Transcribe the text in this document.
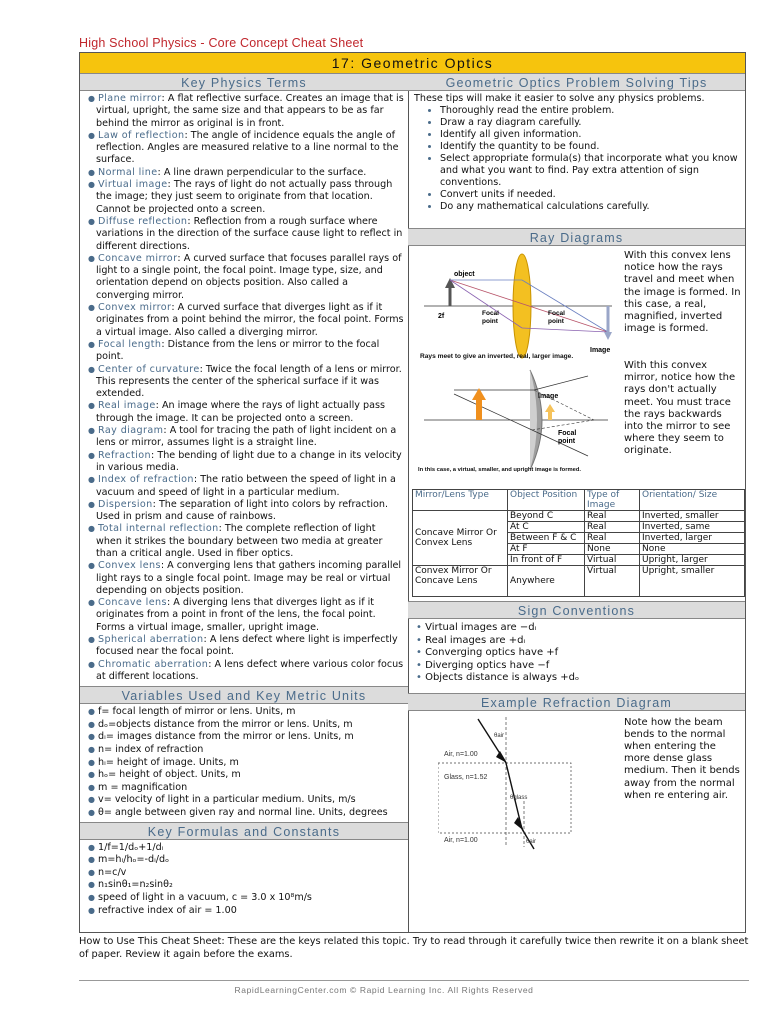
High School Physics - Core Concept Cheat Sheet
17: Geometric Optics
Key Physics Terms
● Plane mirror: A flat reflective surface. Creates an image that is virtual, upright, the same size and that appears to be as far behind the mirror as original is in front.
● Law of reflection: The angle of incidence equals the angle of reflection. Angles are measured relative to a line normal to the surface.
● Normal line: A line drawn perpendicular to the surface.
● Virtual image: The rays of light do not actually pass through the image; they just seem to originate from that location. Cannot be projected onto a screen.
● Diffuse reflection: Reflection from a rough surface where variations in the direction of the surface cause light to reflect in different directions.
● Concave mirror: A curved surface that focuses parallel rays of light to a single point, the focal point. Image type, size, and orientation depend on objects position. Also called a converging mirror.
● Convex mirror: A curved surface that diverges light as if it originates from a point behind the mirror, the focal point. Forms a virtual image. Also called a diverging mirror.
● Focal length: Distance from the lens or mirror to the focal point.
● Center of curvature: Twice the focal length of a lens or mirror. This represents the center of the spherical surface if it was extended.
● Real image: An image where the rays of light actually pass through the image. It can be projected onto a screen.
● Ray diagram: A tool for tracing the path of light incident on a lens or mirror, assumes light is a straight line.
● Refraction: The bending of light due to a change in its velocity in various media.
● Index of refraction: The ratio between the speed of light in a vacuum and speed of light in a particular medium.
● Dispersion: The separation of light into colors by refraction. Used in prism and cause of rainbows.
● Total internal reflection: The complete reflection of light when it strikes the boundary between two media at greater than a critical angle. Used in fiber optics.
● Convex lens: A converging lens that gathers incoming parallel light rays to a single focal point. Image may be real or virtual depending on objects position.
● Concave lens: A diverging lens that diverges light as if it originates from a point in front of the lens, the focal point. Forms a virtual image, smaller, upright image.
● Spherical aberration: A lens defect where light is imperfectly focused near the focal point.
● Chromatic aberration: A lens defect where various color focus at different locations.
Variables Used and Key Metric Units
● f= focal length of mirror or lens. Units, m
● dₒ=objects distance from the mirror or lens. Units, m
● dᵢ= images distance from the mirror or lens. Units, m
● n= index of refraction
● hᵢ= height of image. Units, m
● hₒ= height of object. Units, m
● m = magnification
● v= velocity of light in a particular medium. Units, m/s
● θ= angle between given ray and normal line. Units, degrees
Key Formulas and Constants
● 1/f=1/dₒ+1/dᵢ
● m=hᵢ/hₒ=-dᵢ/dₒ
● n=c/v
● n₁sinθ₁=n₂sinθ₂
● speed of light in a vacuum, c = 3.0 x 10⁸m/s
● refractive index of air = 1.00
Geometric Optics Problem Solving Tips
These tips will make it easier to solve any physics problems.
• Thoroughly read the entire problem.
• Draw a ray diagram carefully.
• Identify all given information.
• Identify the quantity to be found.
• Select appropriate formula(s) that incorporate what you know and what you want to find. Pay extra attention of sign conventions.
• Convert units if needed.
• Do any mathematical calculations carefully.
Ray Diagrams
object
2f	Focal point
Focal point
Image
Rays meet to give an inverted, real, larger image.
Image
Focal point
In this case, a virtual, smaller, and upright image is formed.
With this convex lens notice how the rays travel and meet when the image is formed. In this case, a real, magnified, inverted image is formed.
With this convex mirror, notice how the rays don't actually meet. You must trace the rays backwards into the mirror to see where they seem to originate.
Mirror/Lens Type	Object Position	Type of Image	Orientation/ Size
Concave Mirror Or Convex Lens	Beyond C	Real	Inverted, smaller
	At C	Real	Inverted, same
	Between F & C	Real	Inverted, larger
	At F	None	None
	In front of F	Virtual	Upright, larger
Convex Mirror Or Concave Lens	Anywhere	Virtual	Upright, smaller
Sign Conventions
• Virtual images are −dᵢ
• Real images are +dᵢ
• Converging optics have +f
• Diverging optics have −f
• Objects distance is always +dₒ
Example Refraction Diagram
Air, n=1.00
Glass, n=1.52
Air, n=1.00
θair
θglass
θair
Note how the beam bends to the normal when entering the more dense glass medium. Then it bends away from the normal when re entering air.
How to Use This Cheat Sheet: These are the keys related this topic. Try to read through it carefully twice then rewrite it on a blank sheet of paper. Review it again before the exams.
RapidLearningCenter.com © Rapid Learning Inc. All Rights Reserved
